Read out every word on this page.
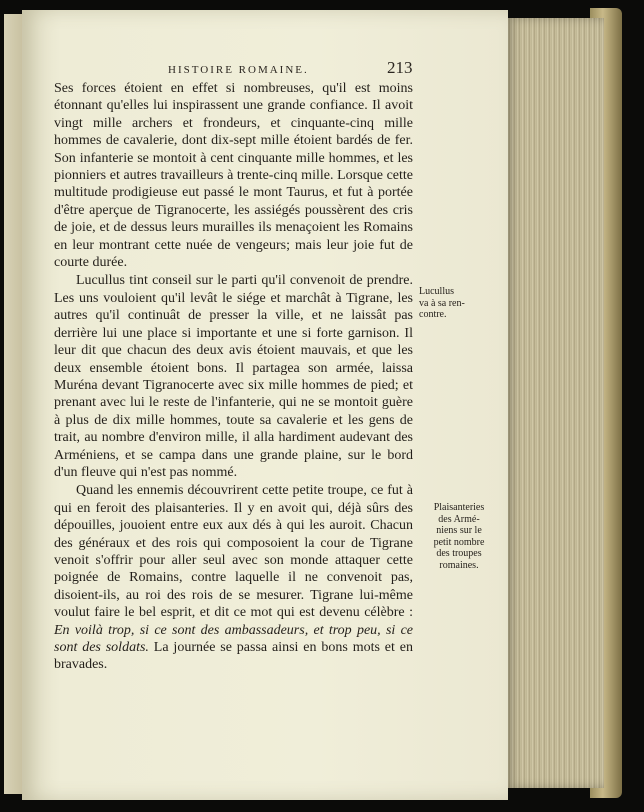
HISTOIRE ROMAINE.	213

Ses forces étoient en effet si nombreuses, qu'il est moins étonnant qu'elles lui inspirassent une grande confiance. Il avoit vingt mille archers et frondeurs, et cinquante-cinq mille hommes de cavalerie, dont dix-sept mille étoient bardés de fer. Son infanterie se montoit à cent cinquante mille hommes, et les pionniers et autres travailleurs à trente-cinq mille. Lorsque cette multitude prodigieuse eut passé le mont Taurus, et fut à portée d'être aperçue de Tigranocerte, les assiégés poussèrent des cris de joie, et de dessus leurs murailles ils menaçoient les Romains en leur montrant cette nuée de vengeurs; mais leur joie fut de courte durée.

Lucullus tint conseil sur le parti qu'il convenoit de prendre. Les uns vouloient qu'il levât le siége et marchât à Tigrane, les autres qu'il continuât de presser la ville, et ne laissât pas derrière lui une place si importante et une si forte garnison. Il leur dit que chacun des deux avis étoient mauvais, et que les deux ensemble étoient bons. Il partagea son armée, laissa Muréna devant Tigranocerte avec six mille hommes de pied; et prenant avec lui le reste de l'infanterie, qui ne se montoit guère à plus de dix mille hommes, toute sa cavalerie et les gens de trait, au nombre d'environ mille, il alla hardiment audevant des Arméniens, et se campa dans une grande plaine, sur le bord d'un fleuve qui n'est pas nommé.

Quand les ennemis découvrirent cette petite troupe, ce fut à qui en feroit des plaisanteries. Il y en avoit qui, déjà sûrs des dépouilles, jouoient entre eux aux dés à qui les auroit. Chacun des généraux et des rois qui composoient la cour de Tigrane venoit s'offrir pour aller seul avec son monde attaquer cette poignée de Romains, contre laquelle il ne convenoit pas, disoient-ils, au roi des rois de se mesurer. Tigrane lui-même voulut faire le bel esprit, et dit ce mot qui est devenu célèbre : En voilà trop, si ce sont des ambassadeurs, et trop peu, si ce sont des soldats. La journée se passa ainsi en bons mots et en bravades.

Lucullus
va à sa ren-
contre.
Plaisanteries
des Armé-
niens sur le
petit nombre
des troupes
romaines.
